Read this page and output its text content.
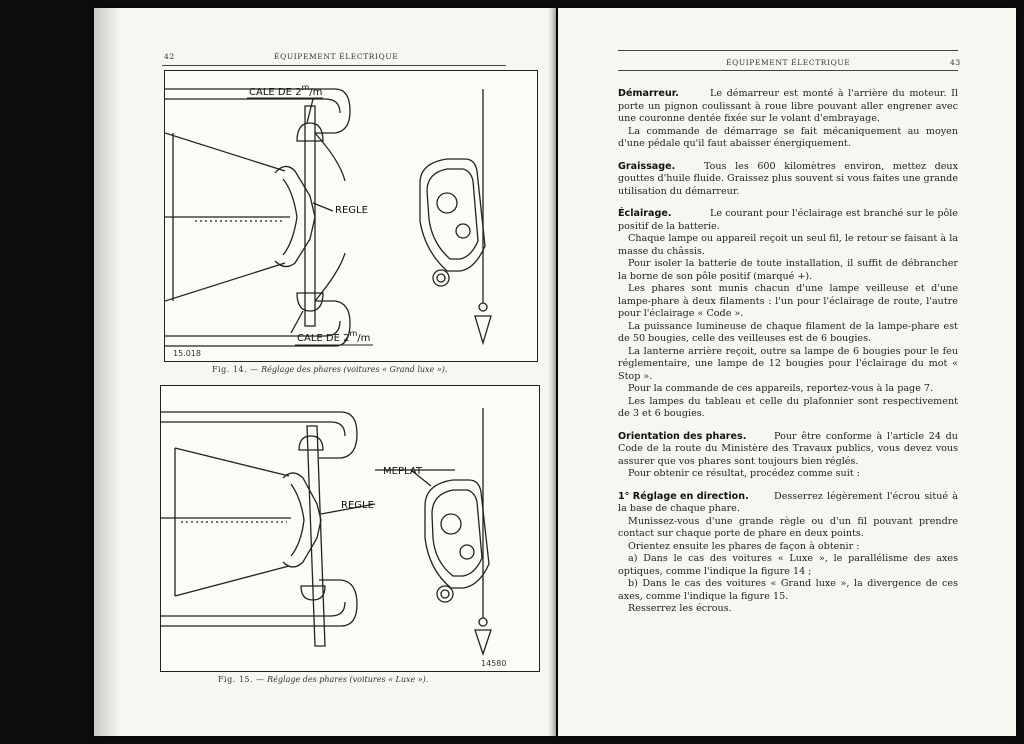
42	ÉQUIPEMENT ÉLECTRIQUE
CALE DE 2$^m$/m
REGLE
CALE DE 2$^m$/m
15.018
Fig. 14. — Réglage des phares (voitures « Grand luxe »).
MEPLAT
REGLE
14580
Fig. 15. — Réglage des phares (voitures « Luxe »).
ÉQUIPEMENT ÉLECTRIQUE	43

Démarreur.	Le démarreur est monté à l'arrière du moteur. Il porte un pignon coulissant à roue libre pouvant aller engrener avec une couronne dentée fixée sur le volant d'embrayage.

La commande de démarrage se fait mécaniquement au moyen d'une pédale qu'il faut abaisser énergiquement.

Graissage.	Tous les 600 kilomètres environ, mettez deux gouttes d'huile fluide. Graissez plus souvent si vous faites une grande utilisation du démarreur.

Éclairage.	Le courant pour l'éclairage est branché sur le pôle positif de la batterie.

Chaque lampe ou appareil reçoit un seul fil, le retour se faisant à la masse du châssis.

Pour isoler la batterie de toute installation, il suffit de débrancher la borne de son pôle positif (marqué +).

Les phares sont munis chacun d'une lampe veilleuse et d'une lampe-phare à deux filaments : l'un pour l'éclairage de route, l'autre pour l'éclairage « Code ».

La puissance lumineuse de chaque filament de la lampe-phare est de 50 bougies, celle des veilleuses est de 6 bougies.

La lanterne arrière reçoit, outre sa lampe de 6 bougies pour le feu réglementaire, une lampe de 12 bougies pour l'éclairage du mot « Stop ».

Pour la commande de ces appareils, reportez-vous à la page 7.

Les lampes du tableau et celle du plafonnier sont respectivement de 3 et 6 bougies.

Orientation des phares.	Pour être conforme à l'article 24 du Code de la route du Ministère des Travaux publics, vous devez vous assurer que vos phares sont toujours bien réglés.

Pour obtenir ce résultat, procédez comme suit :

1° Réglage en direction.	Desserrez légèrement l'écrou situé à la base de chaque phare.

Munissez-vous d'une grande règle ou d'un fil pouvant prendre contact sur chaque porte de phare en deux points.

Orientez ensuite les phares de façon à obtenir :

a) Dans le cas des voitures « Luxe », le parallélisme des axes optiques, comme l'indique la figure 14 ;

b) Dans le cas des voitures « Grand luxe », la divergence de ces axes, comme l'indique la figure 15.

Resserrez les écrous.
